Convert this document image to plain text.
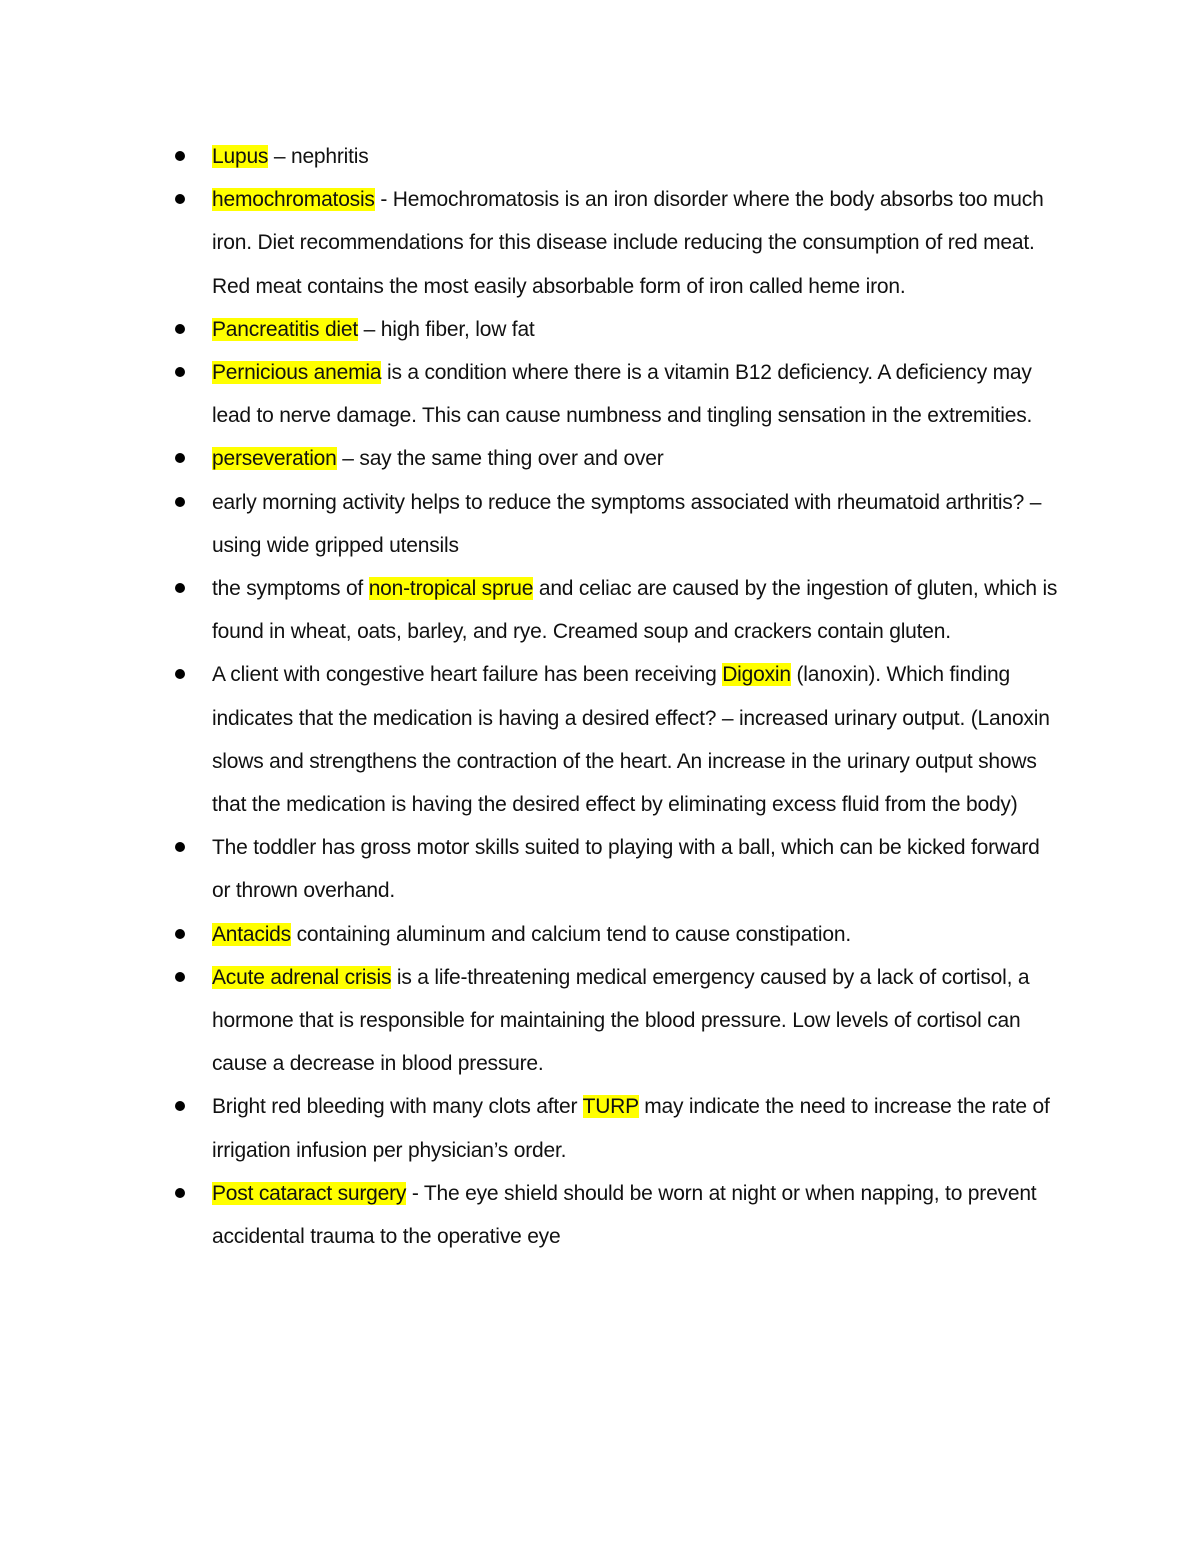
Lupus – nephritis
hemochromatosis - Hemochromatosis is an iron disorder where the body absorbs too much iron. Diet recommendations for this disease include reducing the consumption of red meat. Red meat contains the most easily absorbable form of iron called heme iron.
Pancreatitis diet – high fiber, low fat
Pernicious anemia is a condition where there is a vitamin B12 deficiency. A deficiency may lead to nerve damage. This can cause numbness and tingling sensation in the extremities.
perseveration – say the same thing over and over
early morning activity helps to reduce the symptoms associated with rheumatoid arthritis? – using wide gripped utensils
the symptoms of non-tropical sprue and celiac are caused by the ingestion of gluten, which is found in wheat, oats, barley, and rye. Creamed soup and crackers contain gluten.
A client with congestive heart failure has been receiving Digoxin (lanoxin). Which finding indicates that the medication is having a desired effect? – increased urinary output. (Lanoxin slows and strengthens the contraction of the heart. An increase in the urinary output shows that the medication is having the desired effect by eliminating excess fluid from the body)
The toddler has gross motor skills suited to playing with a ball, which can be kicked forward or thrown overhand.
Antacids containing aluminum and calcium tend to cause constipation.
Acute adrenal crisis is a life-threatening medical emergency caused by a lack of cortisol, a hormone that is responsible for maintaining the blood pressure. Low levels of cortisol can cause a decrease in blood pressure.
Bright red bleeding with many clots after TURP may indicate the need to increase the rate of irrigation infusion per physician’s order.
Post cataract surgery - The eye shield should be worn at night or when napping, to prevent accidental trauma to the operative eye
